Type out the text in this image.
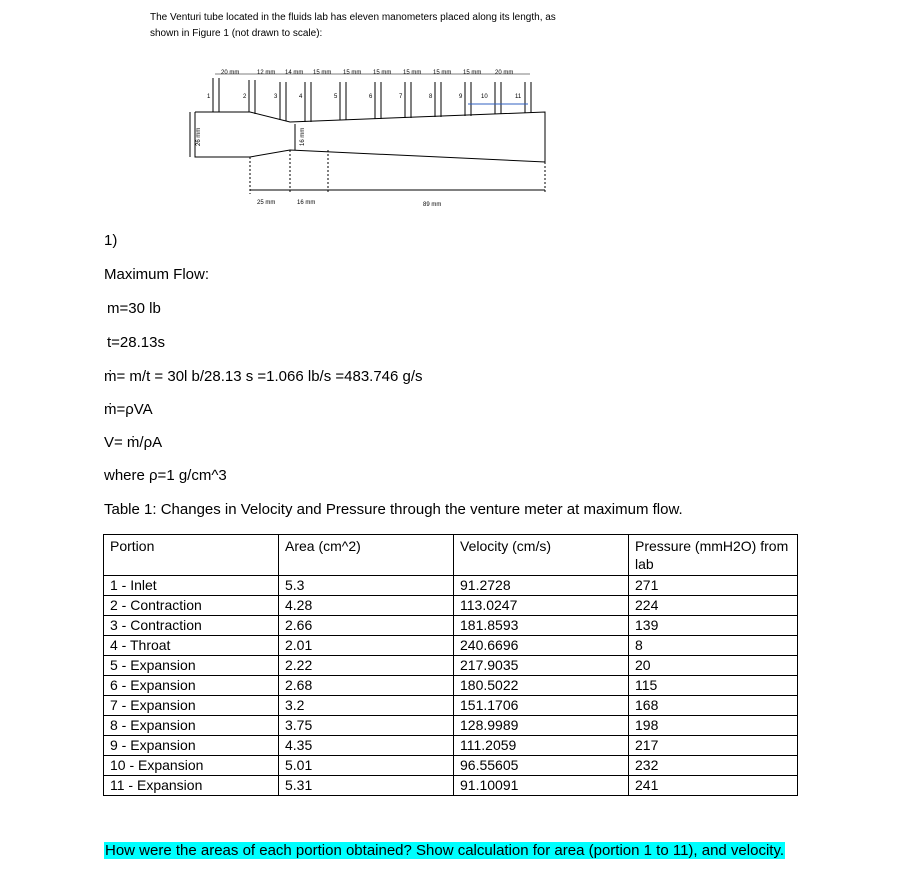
The Venturi tube located in the fluids lab has eleven manometers placed along its length, as
shown in Figure 1 (not drawn to scale):
20 mm	12 mm 14 mm 15 mm 15 mm 15 mm 15 mm 15 mm 15 mm 20 mm
1	2	3	4	5	6	7	8	9	10	11
26 mm	16 mm
25 mm	16 mm	89 mm
1)
Maximum Flow:
m=30 lb
t=28.13s
ṁ= m/t = 30l b/28.13 s =1.066 lb/s =483.746 g/s
ṁ=ρVA
V= ṁ/ρA
where ρ=1 g/cm^3
Table 1: Changes in Velocity and Pressure through the venture meter at maximum flow.
Portion	Area (cm^2)	Velocity (cm/s)	Pressure (mmH2O) from lab
1 - Inlet	5.3	91.2728	271
2 - Contraction	4.28	113.0247	224
3 - Contraction	2.66	181.8593	139
4 - Throat	2.01	240.6696	8
5 - Expansion	2.22	217.9035	20
6 - Expansion	2.68	180.5022	115
7 - Expansion	3.2	151.1706	168
8 - Expansion	3.75	128.9989	198
9 - Expansion	4.35	111.2059	217
10 - Expansion	5.01	96.55605	232
11 - Expansion	5.31	91.10091	241
How were the areas of each portion obtained? Show calculation for area (portion 1 to 11), and velocity.
